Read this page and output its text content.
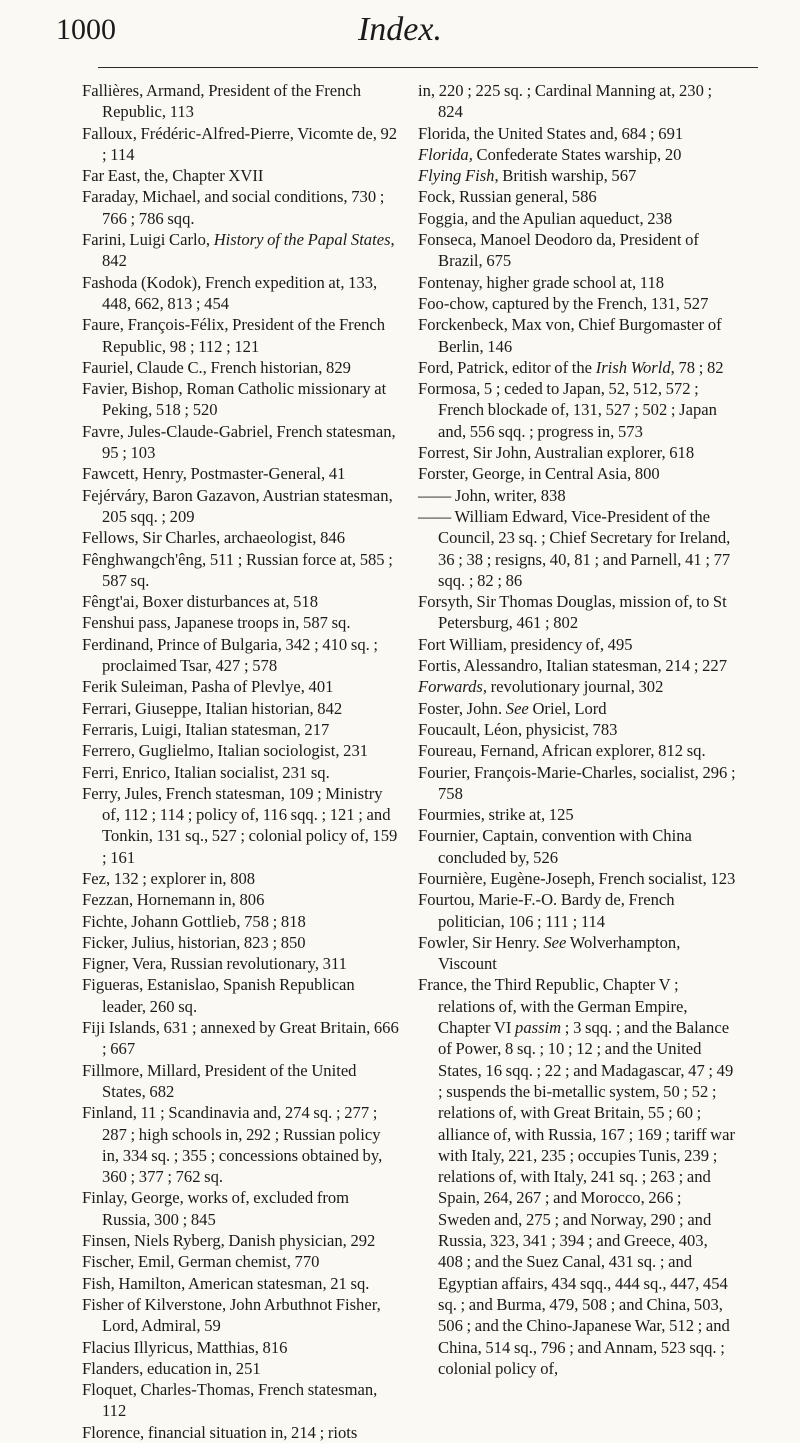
1000	Index.

Fallières, Armand, President of the French Republic, 113

Falloux, Frédéric-Alfred-Pierre, Vicomte de, 92 ; 114

Far East, the, Chapter XVII

Faraday, Michael, and social conditions, 730 ; 766 ; 786 sqq.

Farini, Luigi Carlo, History of the Papal States, 842

Fashoda (Kodok), French expedition at, 133, 448, 662, 813 ; 454

Faure, François-Félix, President of the French Republic, 98 ; 112 ; 121

Fauriel, Claude C., French historian, 829

Favier, Bishop, Roman Catholic missionary at Peking, 518 ; 520

Favre, Jules-Claude-Gabriel, French statesman, 95 ; 103

Fawcett, Henry, Postmaster-General, 41

Fejérváry, Baron Gazavon, Austrian statesman, 205 sqq. ; 209

Fellows, Sir Charles, archaeologist, 846

Fênghwangch'êng, 511 ; Russian force at, 585 ; 587 sq.

Fêngt'ai, Boxer disturbances at, 518

Fenshui pass, Japanese troops in, 587 sq.

Ferdinand, Prince of Bulgaria, 342 ; 410 sq. ; proclaimed Tsar, 427 ; 578

Ferik Suleiman, Pasha of Plevlye, 401

Ferrari, Giuseppe, Italian historian, 842

Ferraris, Luigi, Italian statesman, 217

Ferrero, Guglielmo, Italian sociologist, 231

Ferri, Enrico, Italian socialist, 231 sq.

Ferry, Jules, French statesman, 109 ; Ministry of, 112 ; 114 ; policy of, 116 sqq. ; 121 ; and Tonkin, 131 sq., 527 ; colonial policy of, 159 ; 161

Fez, 132 ; explorer in, 808

Fezzan, Hornemann in, 806

Fichte, Johann Gottlieb, 758 ; 818

Ficker, Julius, historian, 823 ; 850

Figner, Vera, Russian revolutionary, 311

Figueras, Estanislao, Spanish Republican leader, 260 sq.

Fiji Islands, 631 ; annexed by Great Britain, 666 ; 667

Fillmore, Millard, President of the United States, 682

Finland, 11 ; Scandinavia and, 274 sq. ; 277 ; 287 ; high schools in, 292 ; Russian policy in, 334 sq. ; 355 ; concessions obtained by, 360 ; 377 ; 762 sq.

Finlay, George, works of, excluded from Russia, 300 ; 845

Finsen, Niels Ryberg, Danish physician, 292

Fischer, Emil, German chemist, 770

Fish, Hamilton, American statesman, 21 sq.

Fisher of Kilverstone, John Arbuthnot Fisher, Lord, Admiral, 59

Flacius Illyricus, Matthias, 816

Flanders, education in, 251

Floquet, Charles-Thomas, French statesman, 112

Florence, financial situation in, 214 ; riots

in, 220 ; 225 sq. ; Cardinal Manning at, 230 ; 824

Florida, the United States and, 684 ; 691

Florida, Confederate States warship, 20

Flying Fish, British warship, 567

Fock, Russian general, 586

Foggia, and the Apulian aqueduct, 238

Fonseca, Manoel Deodoro da, President of Brazil, 675

Fontenay, higher grade school at, 118

Foo-chow, captured by the French, 131, 527

Forckenbeck, Max von, Chief Burgomaster of Berlin, 146

Ford, Patrick, editor of the Irish World, 78 ; 82

Formosa, 5 ; ceded to Japan, 52, 512, 572 ; French blockade of, 131, 527 ; 502 ; Japan and, 556 sqq. ; progress in, 573

Forrest, Sir John, Australian explorer, 618

Forster, George, in Central Asia, 800

—— John, writer, 838

—— William Edward, Vice-President of the Council, 23 sq. ; Chief Secretary for Ireland, 36 ; 38 ; resigns, 40, 81 ; and Parnell, 41 ; 77 sqq. ; 82 ; 86

Forsyth, Sir Thomas Douglas, mission of, to St Petersburg, 461 ; 802

Fort William, presidency of, 495

Fortis, Alessandro, Italian statesman, 214 ; 227

Forwards, revolutionary journal, 302

Foster, John. See Oriel, Lord

Foucault, Léon, physicist, 783

Foureau, Fernand, African explorer, 812 sq.

Fourier, François-Marie-Charles, socialist, 296 ; 758

Fourmies, strike at, 125

Fournier, Captain, convention with China concluded by, 526

Fournière, Eugène-Joseph, French socialist, 123

Fourtou, Marie-F.-O. Bardy de, French politician, 106 ; 111 ; 114

Fowler, Sir Henry. See Wolverhampton, Viscount

France, the Third Republic, Chapter V ; relations of, with the German Empire, Chapter VI passim ; 3 sqq. ; and the Balance of Power, 8 sq. ; 10 ; 12 ; and the United States, 16 sqq. ; 22 ; and Madagascar, 47 ; 49 ; suspends the bi-metallic system, 50 ; 52 ; relations of, with Great Britain, 55 ; 60 ; alliance of, with Russia, 167 ; 169 ; tariff war with Italy, 221, 235 ; occupies Tunis, 239 ; relations of, with Italy, 241 sq. ; 263 ; and Spain, 264, 267 ; and Morocco, 266 ; Sweden and, 275 ; and Norway, 290 ; and Russia, 323, 341 ; 394 ; and Greece, 403, 408 ; and the Suez Canal, 431 sq. ; and Egyptian affairs, 434 sqq., 444 sq., 447, 454 sq. ; and Burma, 479, 508 ; and China, 503, 506 ; and the Chino-Japanese War, 512 ; and China, 514 sq., 796 ; and Annam, 523 sqq. ; colonial policy of,
